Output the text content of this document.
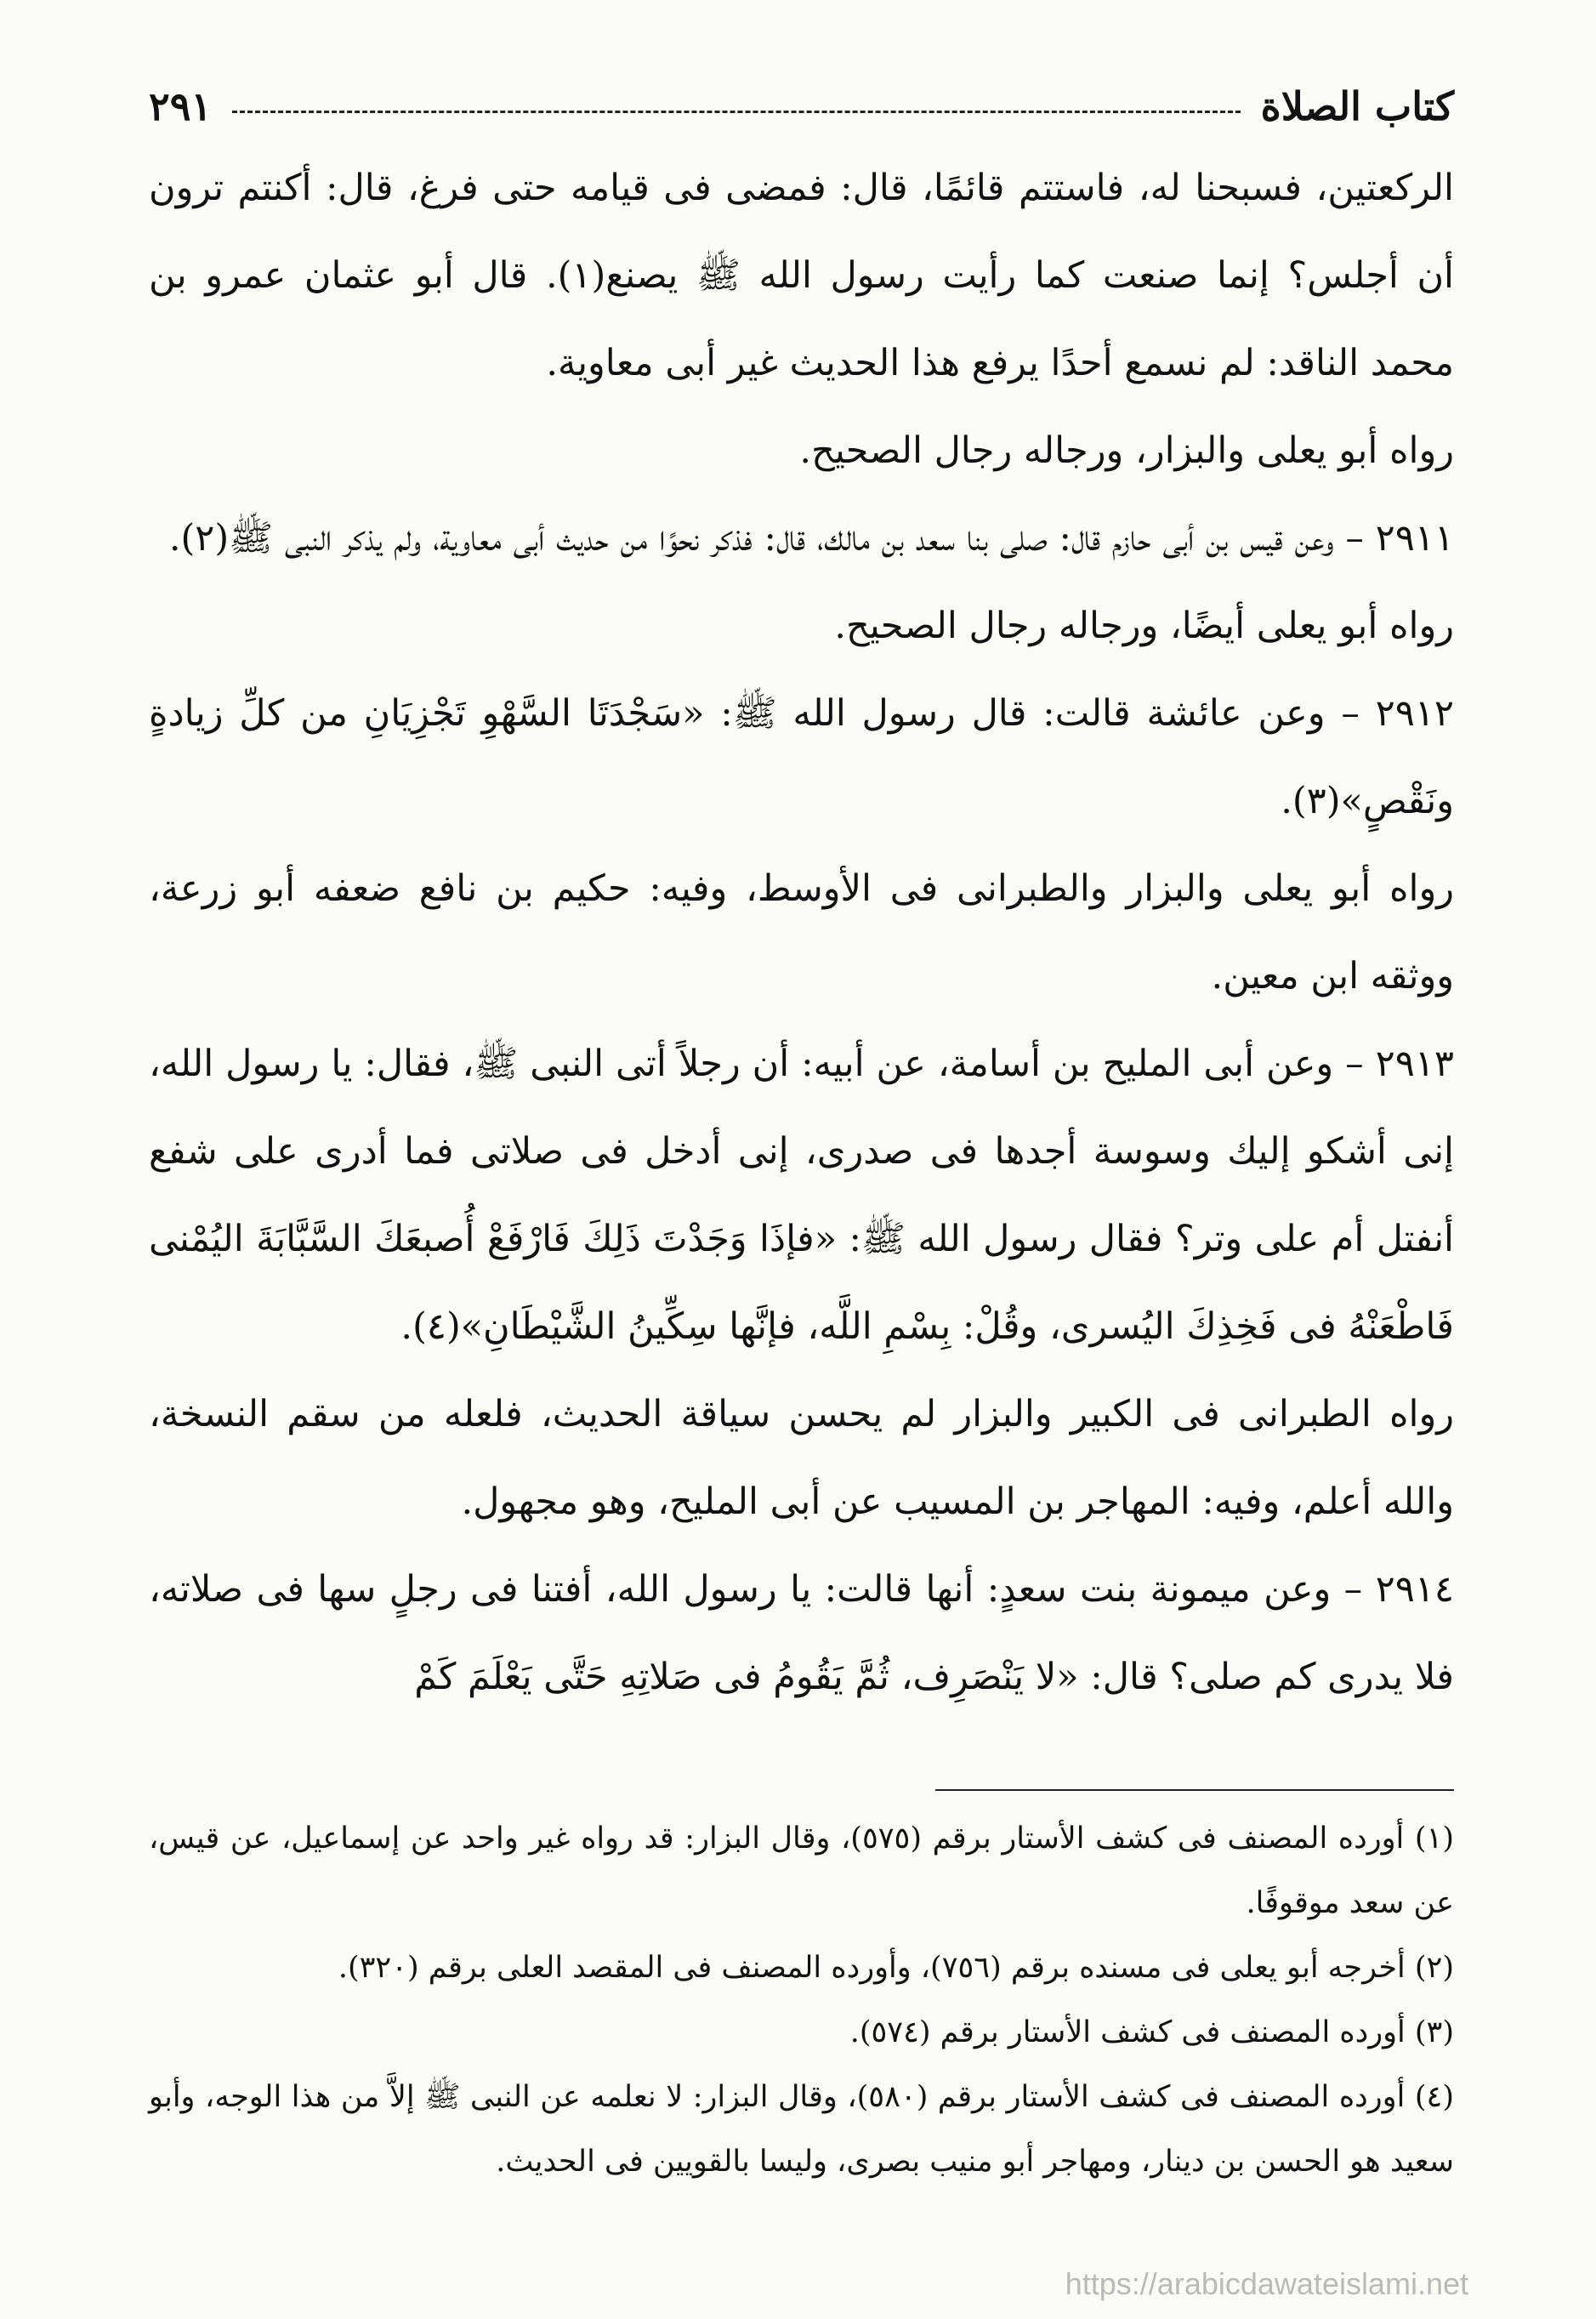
كتاب الصلاة
٢٩١

الركعتين، فسبحنا له، فاستتم قائمًا، قال: فمضى فى قيامه حتى فرغ، قال: أكنتم ترون أن أجلس؟ إنما صنعت كما رأيت رسول الله ﷺ يصنع(١). قال أبو عثمان عمرو بن محمد الناقد: لم نسمع أحدًا يرفع هذا الحديث غير أبى معاوية.

رواه أبو يعلى والبزار، ورجاله رجال الصحيح.

٢٩١١ – وعن قيس بن أبى حازم قال: صلى بنا سعد بن مالك، قال: فذكر نحوًا من حديث أبى معاوية، ولم يذكر النبى ﷺ(٢).

رواه أبو يعلى أيضًا، ورجاله رجال الصحيح.

٢٩١٢ – وعن عائشة قالت: قال رسول الله ﷺ: «سَجْدَتَا السَّهْوِ تَجْزِيَانِ من كلِّ زيادةٍ ونَقْصٍ»(٣).

رواه أبو يعلى والبزار والطبرانى فى الأوسط، وفيه: حكيم بن نافع ضعفه أبو زرعة، ووثقه ابن معين.

٢٩١٣ – وعن أبى المليح بن أسامة، عن أبيه: أن رجلاً أتى النبى ﷺ، فقال: يا رسول الله، إنى أشكو إليك وسوسة أجدها فى صدرى، إنى أدخل فى صلاتى فما أدرى على شفع أنفتل أم على وتر؟ فقال رسول الله ﷺ: «فإذَا وَجَدْتَ ذَلِكَ فَارْفَعْ أُصبعَكَ السَّبَّابَةَ اليُمْنى فَاطْعَنْهُ فى فَخِذِكَ اليُسرى، وقُلْ: بِسْمِ اللَّه، فإنَّها سِكِّينُ الشَّيْطَانِ»(٤).

رواه الطبرانى فى الكبير والبزار لم يحسن سياقة الحديث، فلعله من سقم النسخة، والله أعلم، وفيه: المهاجر بن المسيب عن أبى المليح، وهو مجهول.

٢٩١٤ – وعن ميمونة بنت سعدٍ: أنها قالت: يا رسول الله، أفتنا فى رجلٍ سها فى صلاته، فلا يدرى كم صلى؟ قال: «لا يَنْصَرِف، ثُمَّ يَقُومُ فى صَلاتِهِ حَتَّى يَعْلَمَ كَمْ

(١) أورده المصنف فى كشف الأستار برقم (٥٧٥)، وقال البزار: قد رواه غير واحد عن إسماعيل، عن قيس، عن سعد موقوفًا.

(٢) أخرجه أبو يعلى فى مسنده برقم (٧٥٦)، وأورده المصنف فى المقصد العلى برقم (٣٢٠).

(٣) أورده المصنف فى كشف الأستار برقم (٥٧٤).

(٤) أورده المصنف فى كشف الأستار برقم (٥٨٠)، وقال البزار: لا نعلمه عن النبى ﷺ إلاَّ من هذا الوجه، وأبو سعيد هو الحسن بن دينار، ومهاجر أبو منيب بصرى، وليسا بالقويين فى الحديث.

https://arabicdawateislami.net
